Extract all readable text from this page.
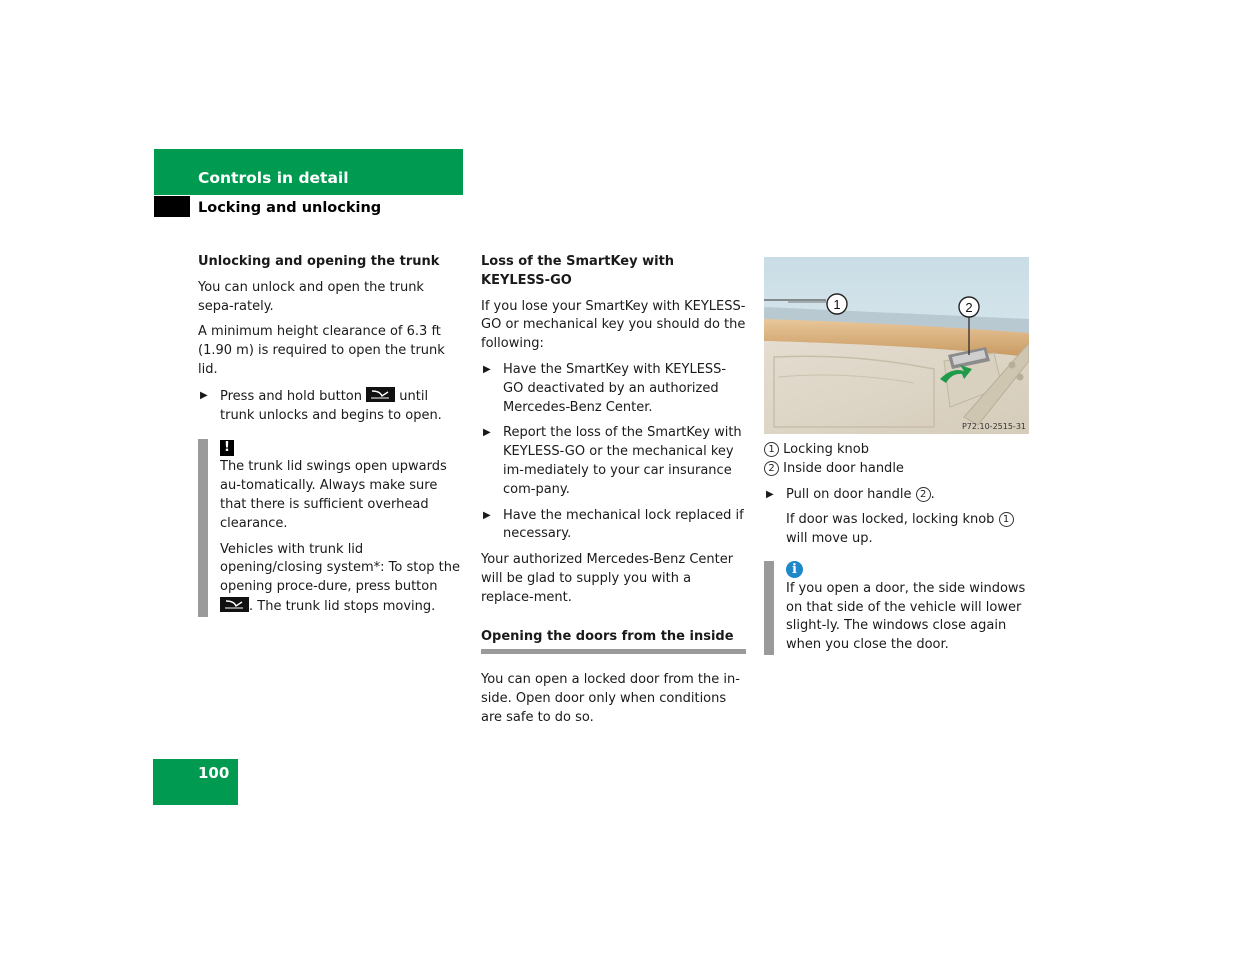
Controls in detail
Locking and unlocking
Unlocking and opening the trunk

You can unlock and open the trunk sepa-rately.

A minimum height clearance of 6.3 ft (1.90 m) is required to open the trunk lid.

▶ Press and hold button	until trunk unlocks and begins to open.
!

The trunk lid swings open upwards au-tomatically. Always make sure that there is sufficient overhead clearance.

Vehicles with trunk lid opening/closing system*: To stop the opening proce-dure, press button
. The trunk lid stops moving.

Loss of the SmartKey with KEYLESS-GO

If you lose your SmartKey with KEYLESS-GO or mechanical key you should do the following:

▶ Have the SmartKey with KEYLESS-GO deactivated by an authorized Mercedes-Benz Center.
▶ Report the loss of the SmartKey with KEYLESS-GO or the mechanical key im-mediately to your car insurance com-pany.
▶ Have the mechanical lock replaced if necessary.

Your authorized Mercedes-Benz Center will be glad to supply you with a replace-ment.

Opening the doors from the inside

You can open a locked door from the in-side. Open door only when conditions are safe to do so.

1	2
P72.10-2515-31
1 Locking knob
2 Inside door handle
▶ Pull on door handle 2 .

If door was locked, locking knob 1 will move up.

i

If you open a door, the side windows on that side of the vehicle will lower slight-ly. The windows close again when you close the door.

100
